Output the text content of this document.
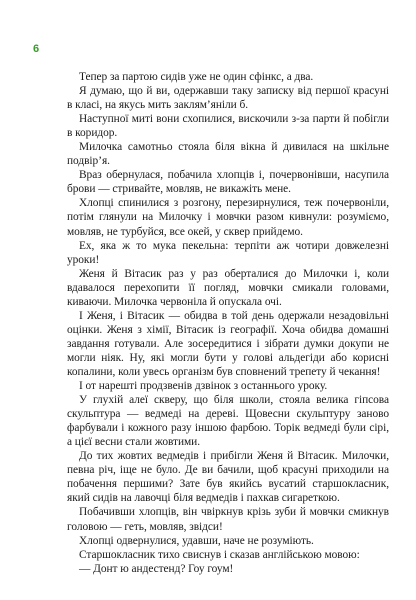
6

Тепер за партою сидів уже не один сфінкс, а два.

Я думаю, що й ви, одержавши таку записку від першої красуні в класі, на якусь мить заклям’яніли б.

Наступної миті вони схопилися, вискочили з-за парти й побігли в коридор.

Милочка самотньо стояла біля вікна й дивилася на шкільне подвір’я.

Враз обернулася, побачила хлопців і, почервонівши, насупила брови — стривайте, мовляв, не викажіть мене.

Хлопці спинилися з розгону, перезирнулися, теж почервоніли, потім глянули на Милочку і мовчки разом кивнули: розуміємо, мовляв, не турбуйся, все окей, у сквер прийдемо.

Ех, яка ж то мука пекельна: терпіти аж чотири довжелезні уроки!

Женя й Вітасик раз у раз оберталися до Милочки і, коли вдавалося перехопити її погляд, мовчки смикали головами, киваючи. Милочка червоніла й опускала очі.

І Женя, і Вітасик — обидва в той день одержали незадовільні оцінки. Женя з хімії, Вітасик із географії. Хоча обидва домашні завдання готували. Але зосередитися і зібрати думки докупи не могли ніяк. Ну, які могли бути у голові альдегіди або корисні копалини, коли увесь організм був сповнений трепету й чекання!

І от нарешті продзвенів дзвінок з останнього уроку.

У глухій алеї скверу, що біля школи, стояла велика гіпсова скульптура — ведмеді на дереві. Щовесни скульптуру заново фарбували і кожного разу іншою фарбою. Торік ведмеді були сірі, а цієї весни стали жовтими.

До тих жовтих ведмедів і прибігли Женя й Вітасик. Милочки, певна річ, іще не було. Де ви бачили, щоб красуні приходили на побачення першими? Зате був якийсь вусатий старшокласник, який сидів на лавочці біля ведмедів і пахкав сигареткою.

Побачивши хлопців, він чвіркнув крізь зуби й мовчки смикнув головою — геть, мовляв, звідси!

Хлопці одвернулися, удавши, наче не розуміють.

Старшокласник тихо свиснув і сказав англійською мовою:

— Донт ю андестенд? Гоу гоум!
